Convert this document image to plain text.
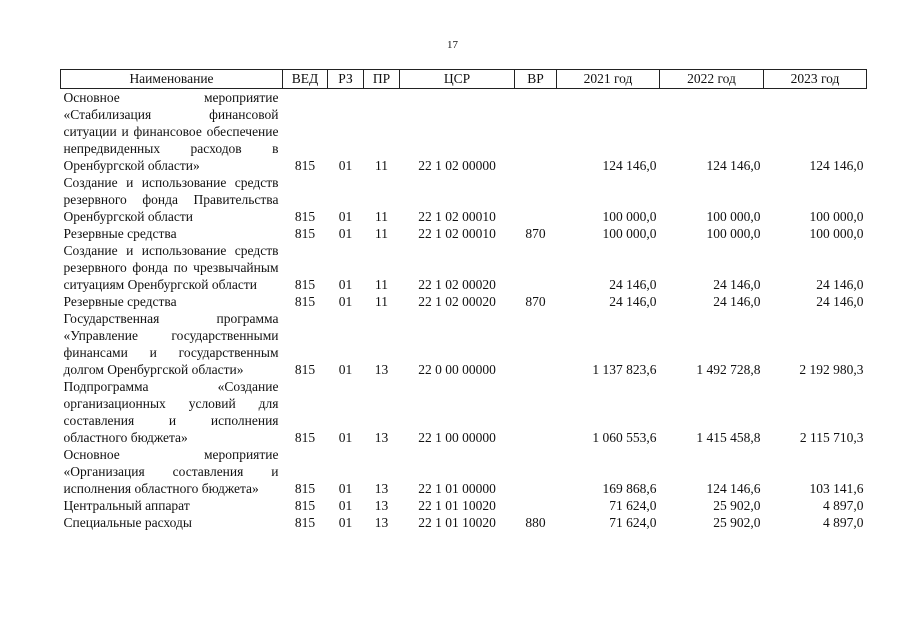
17
Наименование	ВЕД	РЗ	ПР	ЦСР	ВР	2021 год	2022 год	2023 год
Основное мероприятие «Стабилизация финансовой ситуации и финансовое обеспечение непредвиденных расходов в Оренбургской области»	815	01	11	22 1 02 00000		124 146,0	124 146,0	124 146,0
Создание и использование средств резервного фонда Правительства Оренбургской области	815	01	11	22 1 02 00010		100 000,0	100 000,0	100 000,0
Резервные средства	815	01	11	22 1 02 00010	870	100 000,0	100 000,0	100 000,0
Создание и использование средств резервного фонда по чрезвычайным ситуациям Оренбургской области	815	01	11	22 1 02 00020		24 146,0	24 146,0	24 146,0
Резервные средства	815	01	11	22 1 02 00020	870	24 146,0	24 146,0	24 146,0
Государственная программа «Управление государственными финансами и государственным долгом Оренбургской области»	815	01	13	22 0 00 00000		1 137 823,6	1 492 728,8	2 192 980,3
Подпрограмма «Создание организационных условий для составления и исполнения областного бюджета»	815	01	13	22 1 00 00000		1 060 553,6	1 415 458,8	2 115 710,3
Основное мероприятие «Организация составления и исполнения областного бюджета»	815	01	13	22 1 01 00000		169 868,6	124 146,6	103 141,6
Центральный аппарат	815	01	13	22 1 01 10020		71 624,0	25 902,0	4 897,0
Специальные расходы	815	01	13	22 1 01 10020	880	71 624,0	25 902,0	4 897,0
